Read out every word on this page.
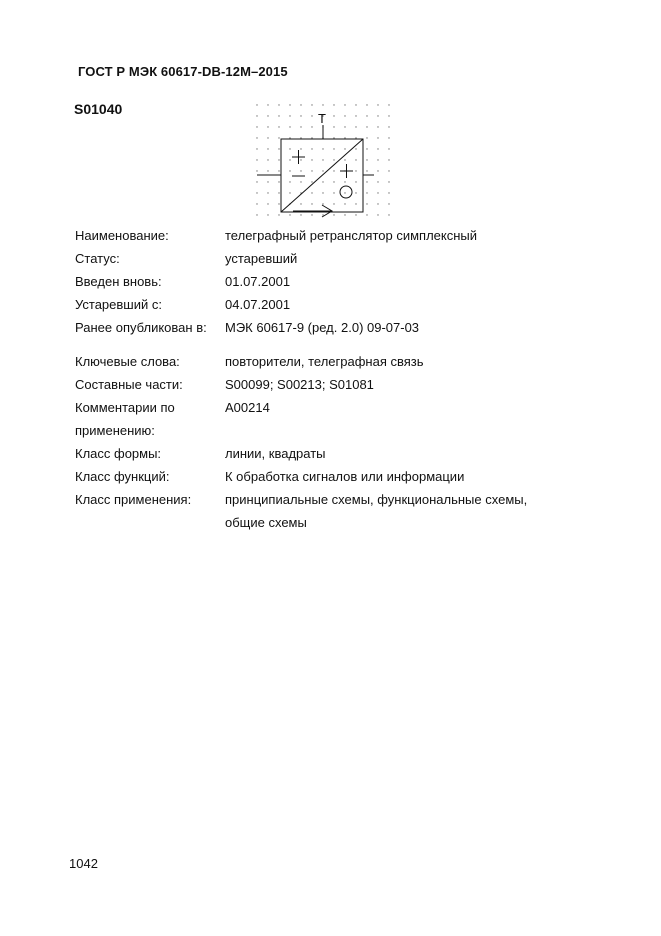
ГОСТ Р МЭК 60617-DB-12M–2015
S01040
T
Наименование:	телеграфный ретранслятор симплексный
Статус:	устаревший
Введен вновь:	01.07.2001
Устаревший с:	04.07.2001
Ранее опубликован в:	МЭК 60617-9 (ред. 2.0) 09-07-03
Ключевые слова:	повторители, телеграфная связь
Составные части:	S00099; S00213; S01081
Комментарии по	A00214
применению:
Класс формы:	линии, квадраты
Класс функций:	К обработка сигналов или информации
Класс применения:	принципиальные схемы, функциональные схемы,
общие схемы
1042
